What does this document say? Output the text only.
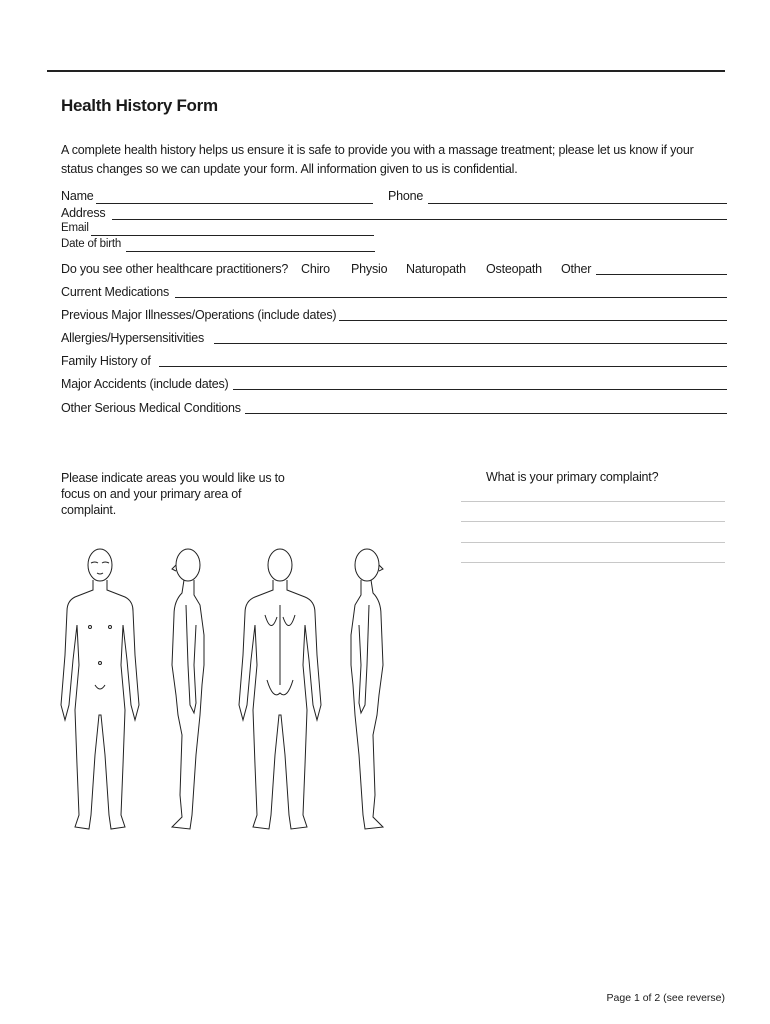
Health History Form
A complete health history helps us ensure it is safe to provide you with a massage treatment; please let us know if your status changes so we can update your form. All information given to us is confidential.
Name	Phone
Address
Email
Date of birth
Do you see other healthcare practitioners? Chiro Physio Naturopath Osteopath Other
Current Medications
Previous Major Illnesses/Operations (include dates)
Allergies/Hypersensitivities
Family History of
Major Accidents (include dates)
Other Serious Medical Conditions
Please indicate areas you would like us to focus on and your primary area of complaint.
What is your primary complaint?
Page 1 of 2 (see reverse)
